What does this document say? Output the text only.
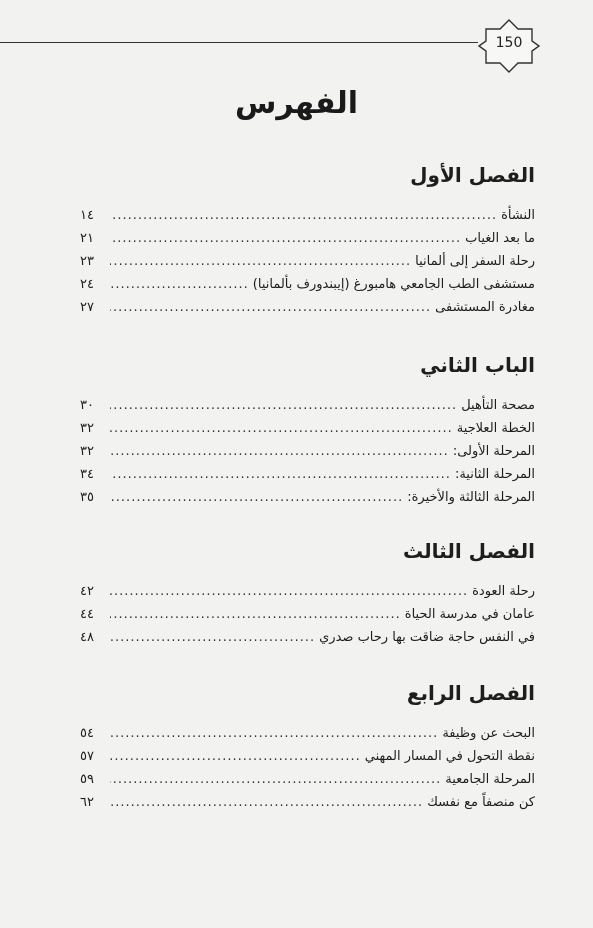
150
الفهرس
الفصل الأول
النشأة
.....
١٤
ما بعد الغياب
.....
٢١
رحلة السفر إلى ألمانيا
.....
٢٣
مستشفى الطب الجامعي هامبورغ (إيبندورف بألمانيا)
.....
٢٤
مغادرة المستشفى
.....
٢٧
الباب الثاني
مصحة التأهيل
.....
٣٠
الخطة العلاجية
.....
٣٢
المرحلة الأولى:
.....
٣٢
المرحلة الثانية:
.....
٣٤
المرحلة الثالثة والأخيرة:
.....
٣٥
الفصل الثالث
رحلة العودة
.....
٤٢
عامان في مدرسة الحياة
.....
٤٤
في النفس حاجة ضاقت بها رحاب صدري
.....
٤٨
الفصل الرابع
البحث عن وظيفة
.....
٥٤
نقطة التحول في المسار المهني
.....
٥٧
المرحلة الجامعية
.....
٥٩
كن منصفاً مع نفسك
.....
٦٢
